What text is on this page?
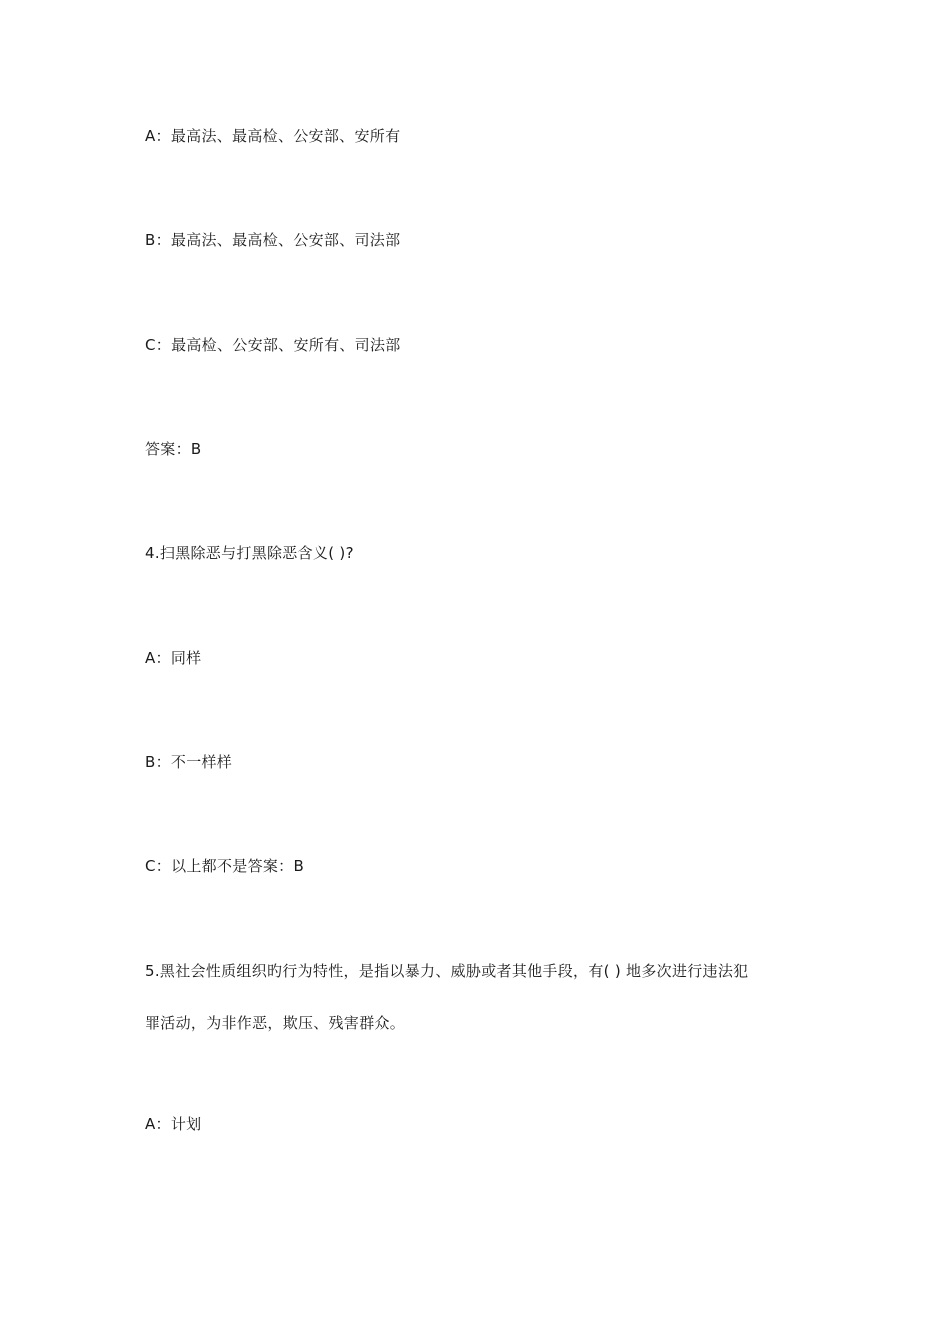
A：最高法、最高检、公安部、安所有
B：最高法、最高检、公安部、司法部
C：最高检、公安部、安所有、司法部
答案：B
4.扫黑除恶与打黑除恶含义( )?
A：同样
B：不一样样
C：以上都不是答案：B
5.黑社会性质组织旳行为特性，是指以暴力、威胁或者其他手段，有( ) 地多次进行违法犯
罪活动，为非作恶，欺压、残害群众。
A：计划
